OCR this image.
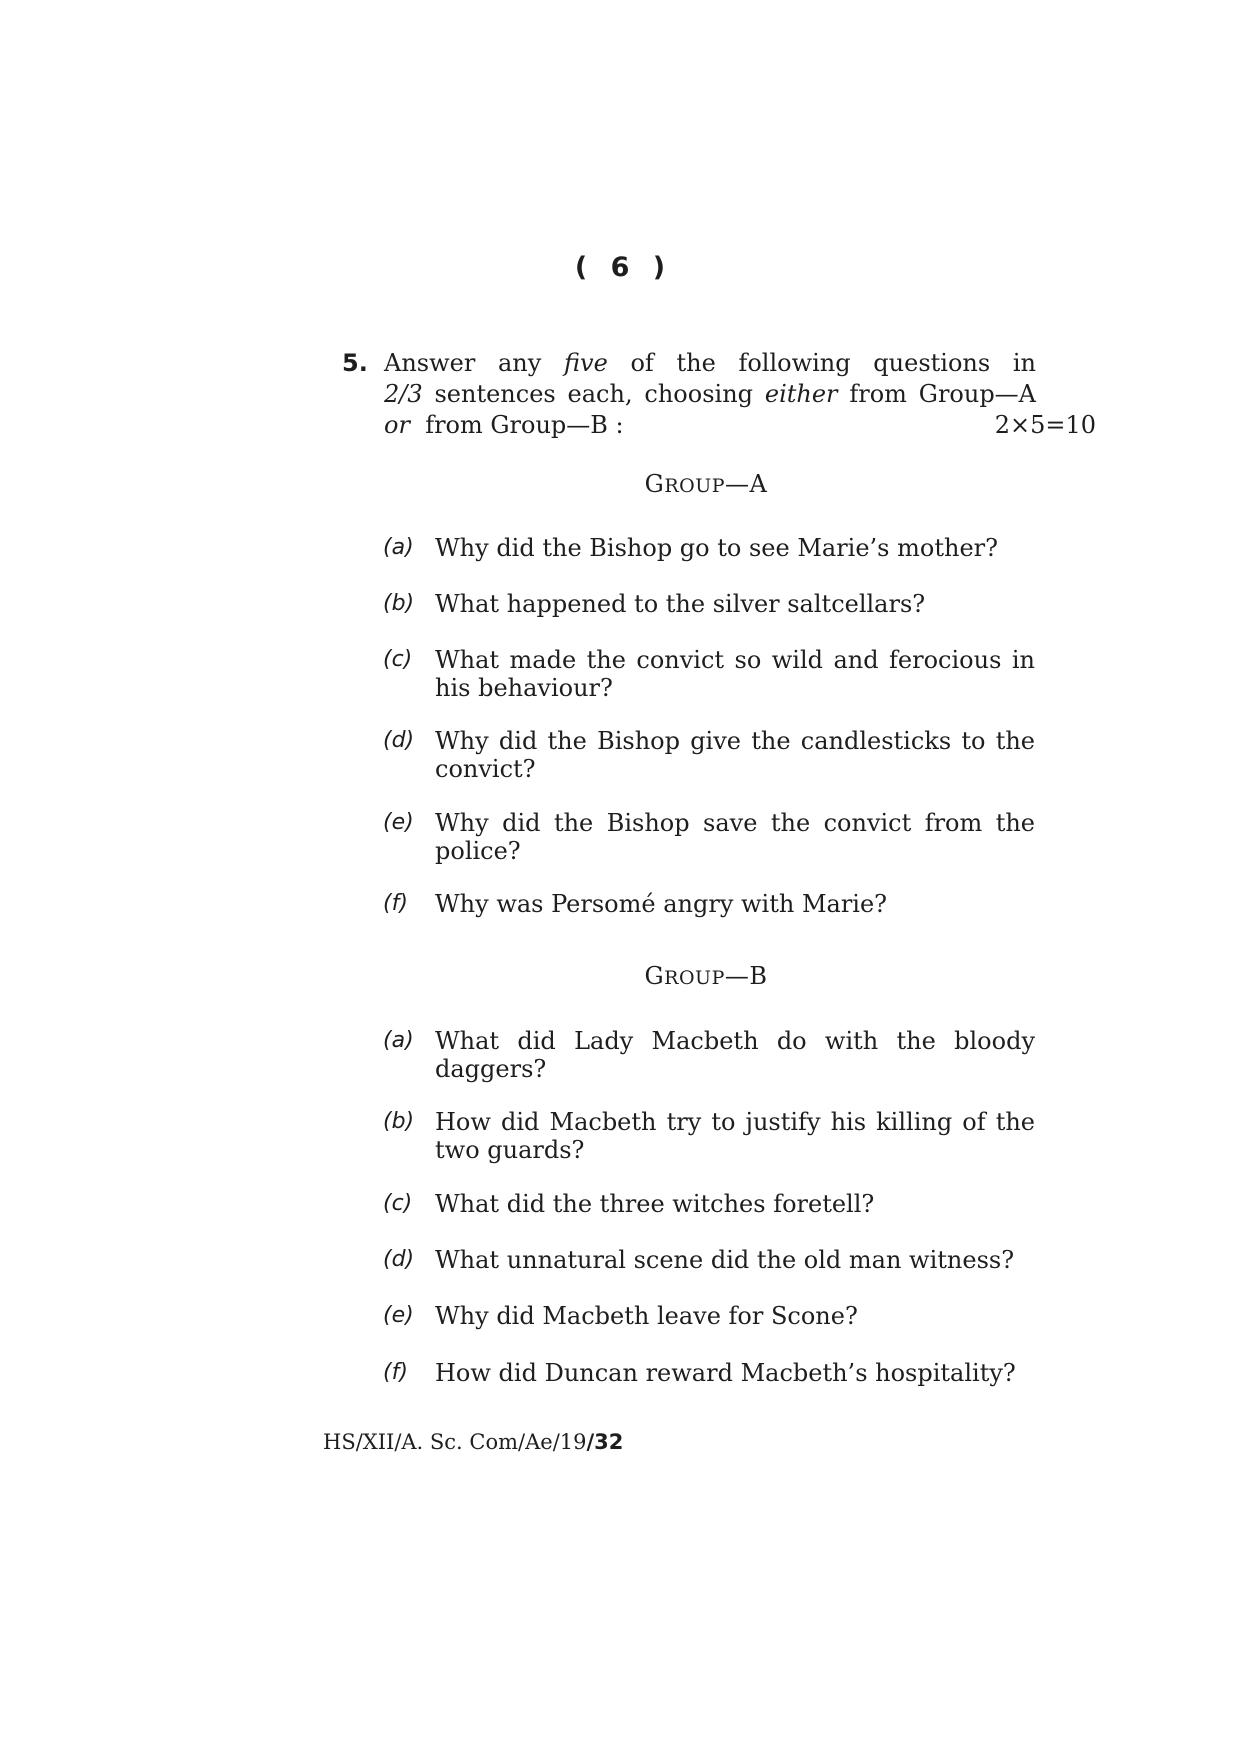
( 6 )
5. Answer any five of the following questions in
2/3 sentences each, choosing either from Group—A
or from Group—B :	2×5=10
GROUP—A
(a) Why did the Bishop go to see Marie’s mother?
(b) What happened to the silver saltcellars?
(c) What made the convict so wild and ferocious in his behaviour?
(d) Why did the Bishop give the candlesticks to the convict?
(e) Why did the Bishop save the convict from the police?
(f)	Why was Persomé angry with Marie?
GROUP—B
(a) What did Lady Macbeth do with the bloody daggers?
(b) How did Macbeth try to justify his killing of the two guards?
(c) What did the three witches foretell?
(d) What unnatural scene did the old man witness?
(e) Why did Macbeth leave for Scone?
(f)	How did Duncan reward Macbeth’s hospitality?
HS/XII/A. Sc. Com/Ae/19/32
